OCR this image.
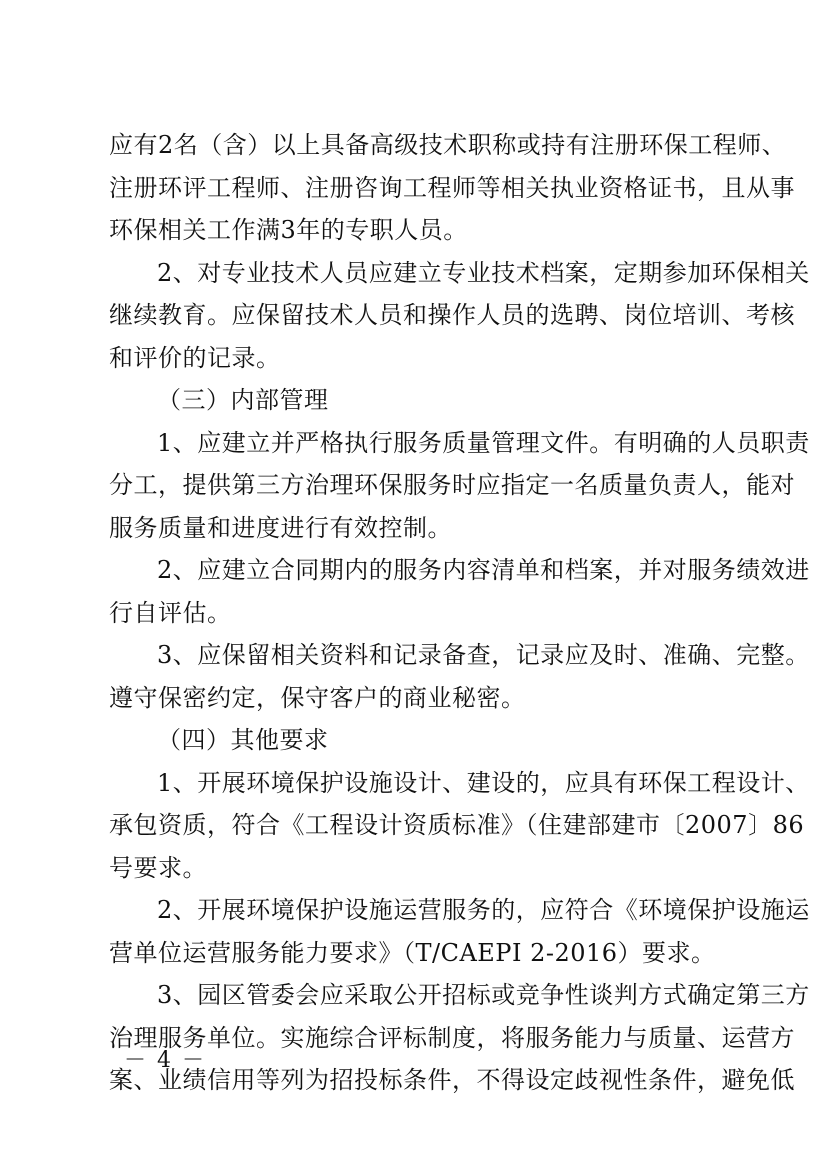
应有2名（含）以上具备高级技术职称或持有注册环保工程师、
注册环评工程师、注册咨询工程师等相关执业资格证书，且从事
环保相关工作满3年的专职人员。
2、对专业技术人员应建立专业技术档案，定期参加环保相关
继续教育。应保留技术人员和操作人员的选聘、岗位培训、考核
和评价的记录。
（三）内部管理
1、应建立并严格执行服务质量管理文件。有明确的人员职责
分工，提供第三方治理环保服务时应指定一名质量负责人，能对
服务质量和进度进行有效控制。
2、应建立合同期内的服务内容清单和档案，并对服务绩效进
行自评估。
3、应保留相关资料和记录备查，记录应及时、准确、完整。
遵守保密约定，保守客户的商业秘密。
（四）其他要求
1、开展环境保护设施设计、建设的，应具有环保工程设计、
承包资质，符合《工程设计资质标准》（住建部建市〔2007〕86
号要求。
2、开展环境保护设施运营服务的，应符合《环境保护设施运
营单位运营服务能力要求》（T/CAEPI 2-2016）要求。
3、园区管委会应采取公开招标或竞争性谈判方式确定第三方
治理服务单位。实施综合评标制度，将服务能力与质量、运营方
案、业绩信用等列为招投标条件，不得设定歧视性条件，避免低
－ 4 －
